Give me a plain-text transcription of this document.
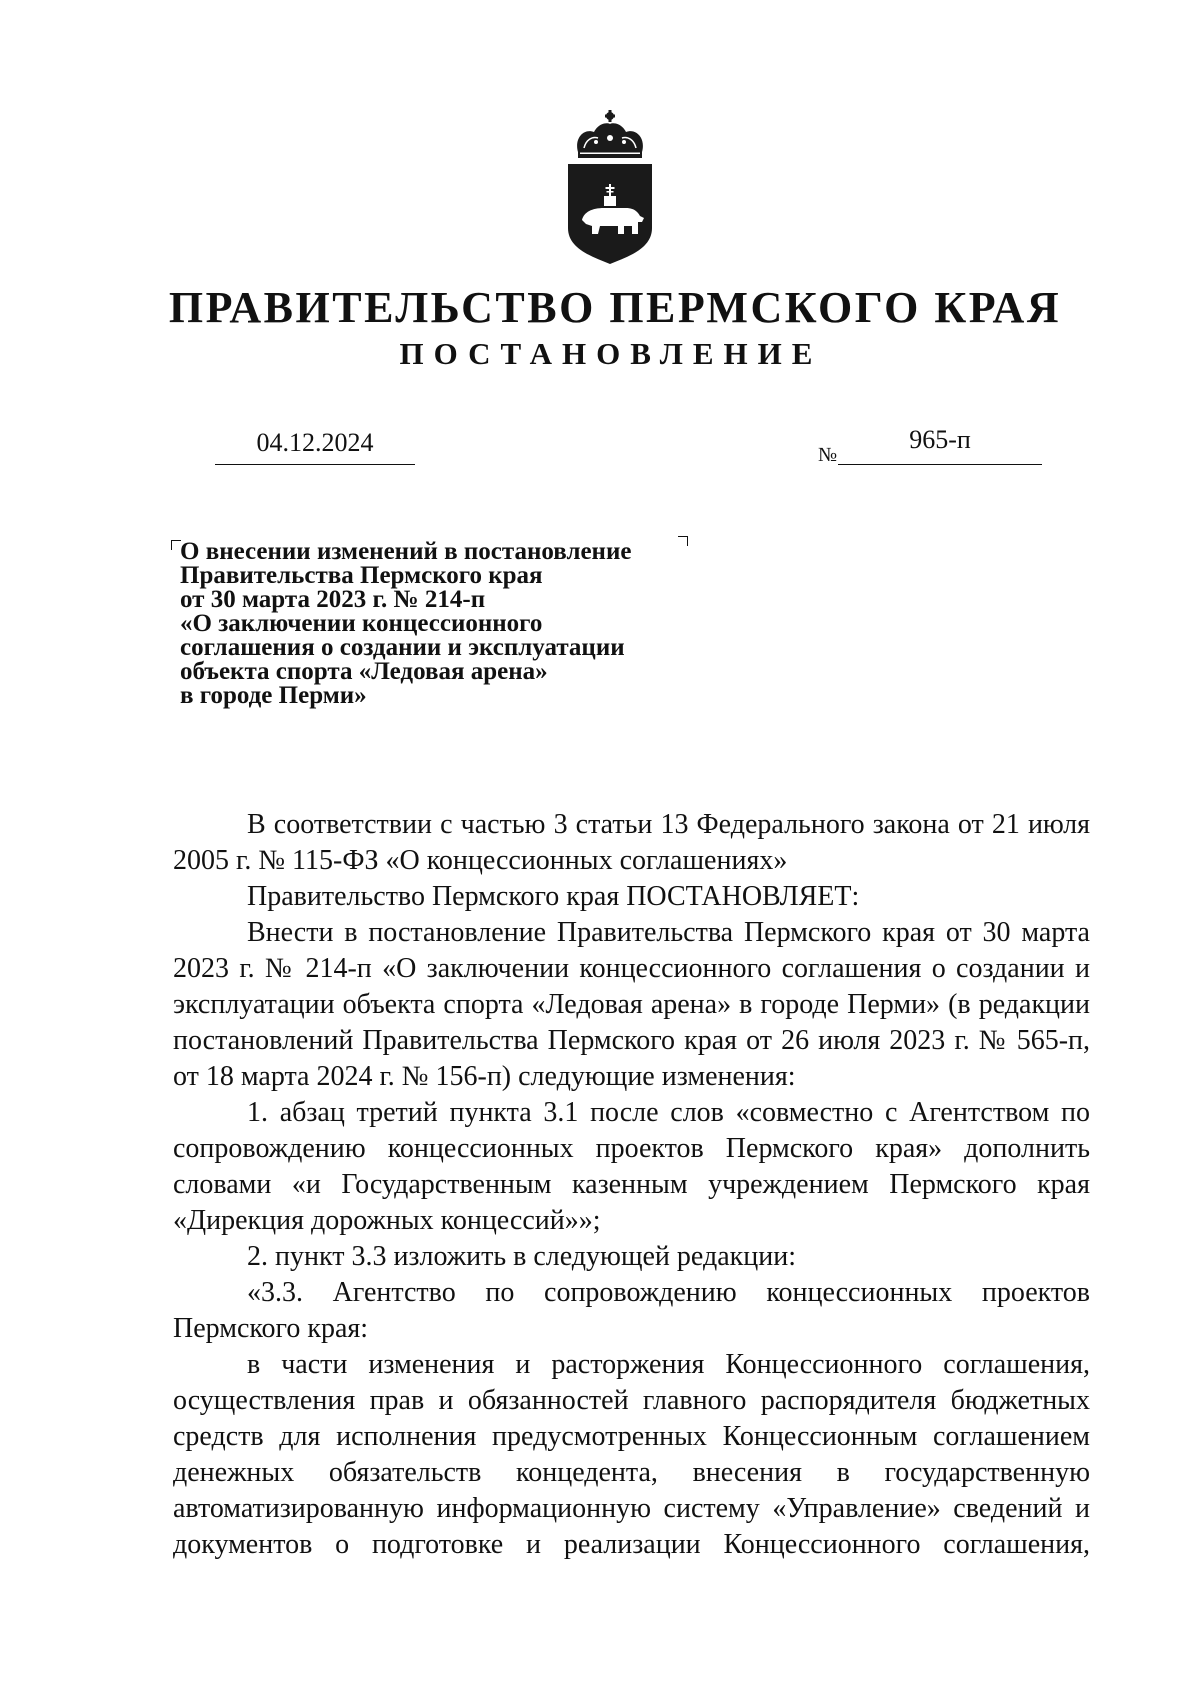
ПРАВИТЕЛЬСТВО ПЕРМСКОГО КРАЯ
ПОСТАНОВЛЕНИЕ
04.12.2024	№
965-п
О внесении изменений в постановление
Правительства Пермского края
от 30 марта 2023 г. № 214-п
«О заключении концессионного
соглашения о создании и эксплуатации
объекта спорта «Ледовая арена»
в городе Перми»

В соответствии с частью 3 статьи 13 Федерального закона от 21 июля 2005 г. № 115-ФЗ «О концессионных соглашениях»

Правительство Пермского края ПОСТАНОВЛЯЕТ:

Внести в постановление Правительства Пермского края от 30 марта 2023 г. № 214-п «О заключении концессионного соглашения о создании и эксплуатации объекта спорта «Ледовая арена» в городе Перми» (в редакции постановлений Правительства Пермского края от 26 июля 2023 г. № 565-п, от 18 марта 2024 г. № 156-п) следующие изменения:

1. абзац третий пункта 3.1 после слов «совместно с Агентством по сопровождению концессионных проектов Пермского края» дополнить словами «и Государственным казенным учреждением Пермского края «Дирекция дорожных концессий»»;

2. пункт 3.3 изложить в следующей редакции:

«3.3. Агентство по сопровождению концессионных проектов Пермского края:

в части изменения и расторжения Концессионного соглашения, осуществления прав и обязанностей главного распорядителя бюджетных средств для исполнения предусмотренных Концессионным соглашением денежных обязательств концедента, внесения в государственную автоматизированную информационную систему «Управление» сведений и документов о подготовке и реализации Концессионного соглашения,
